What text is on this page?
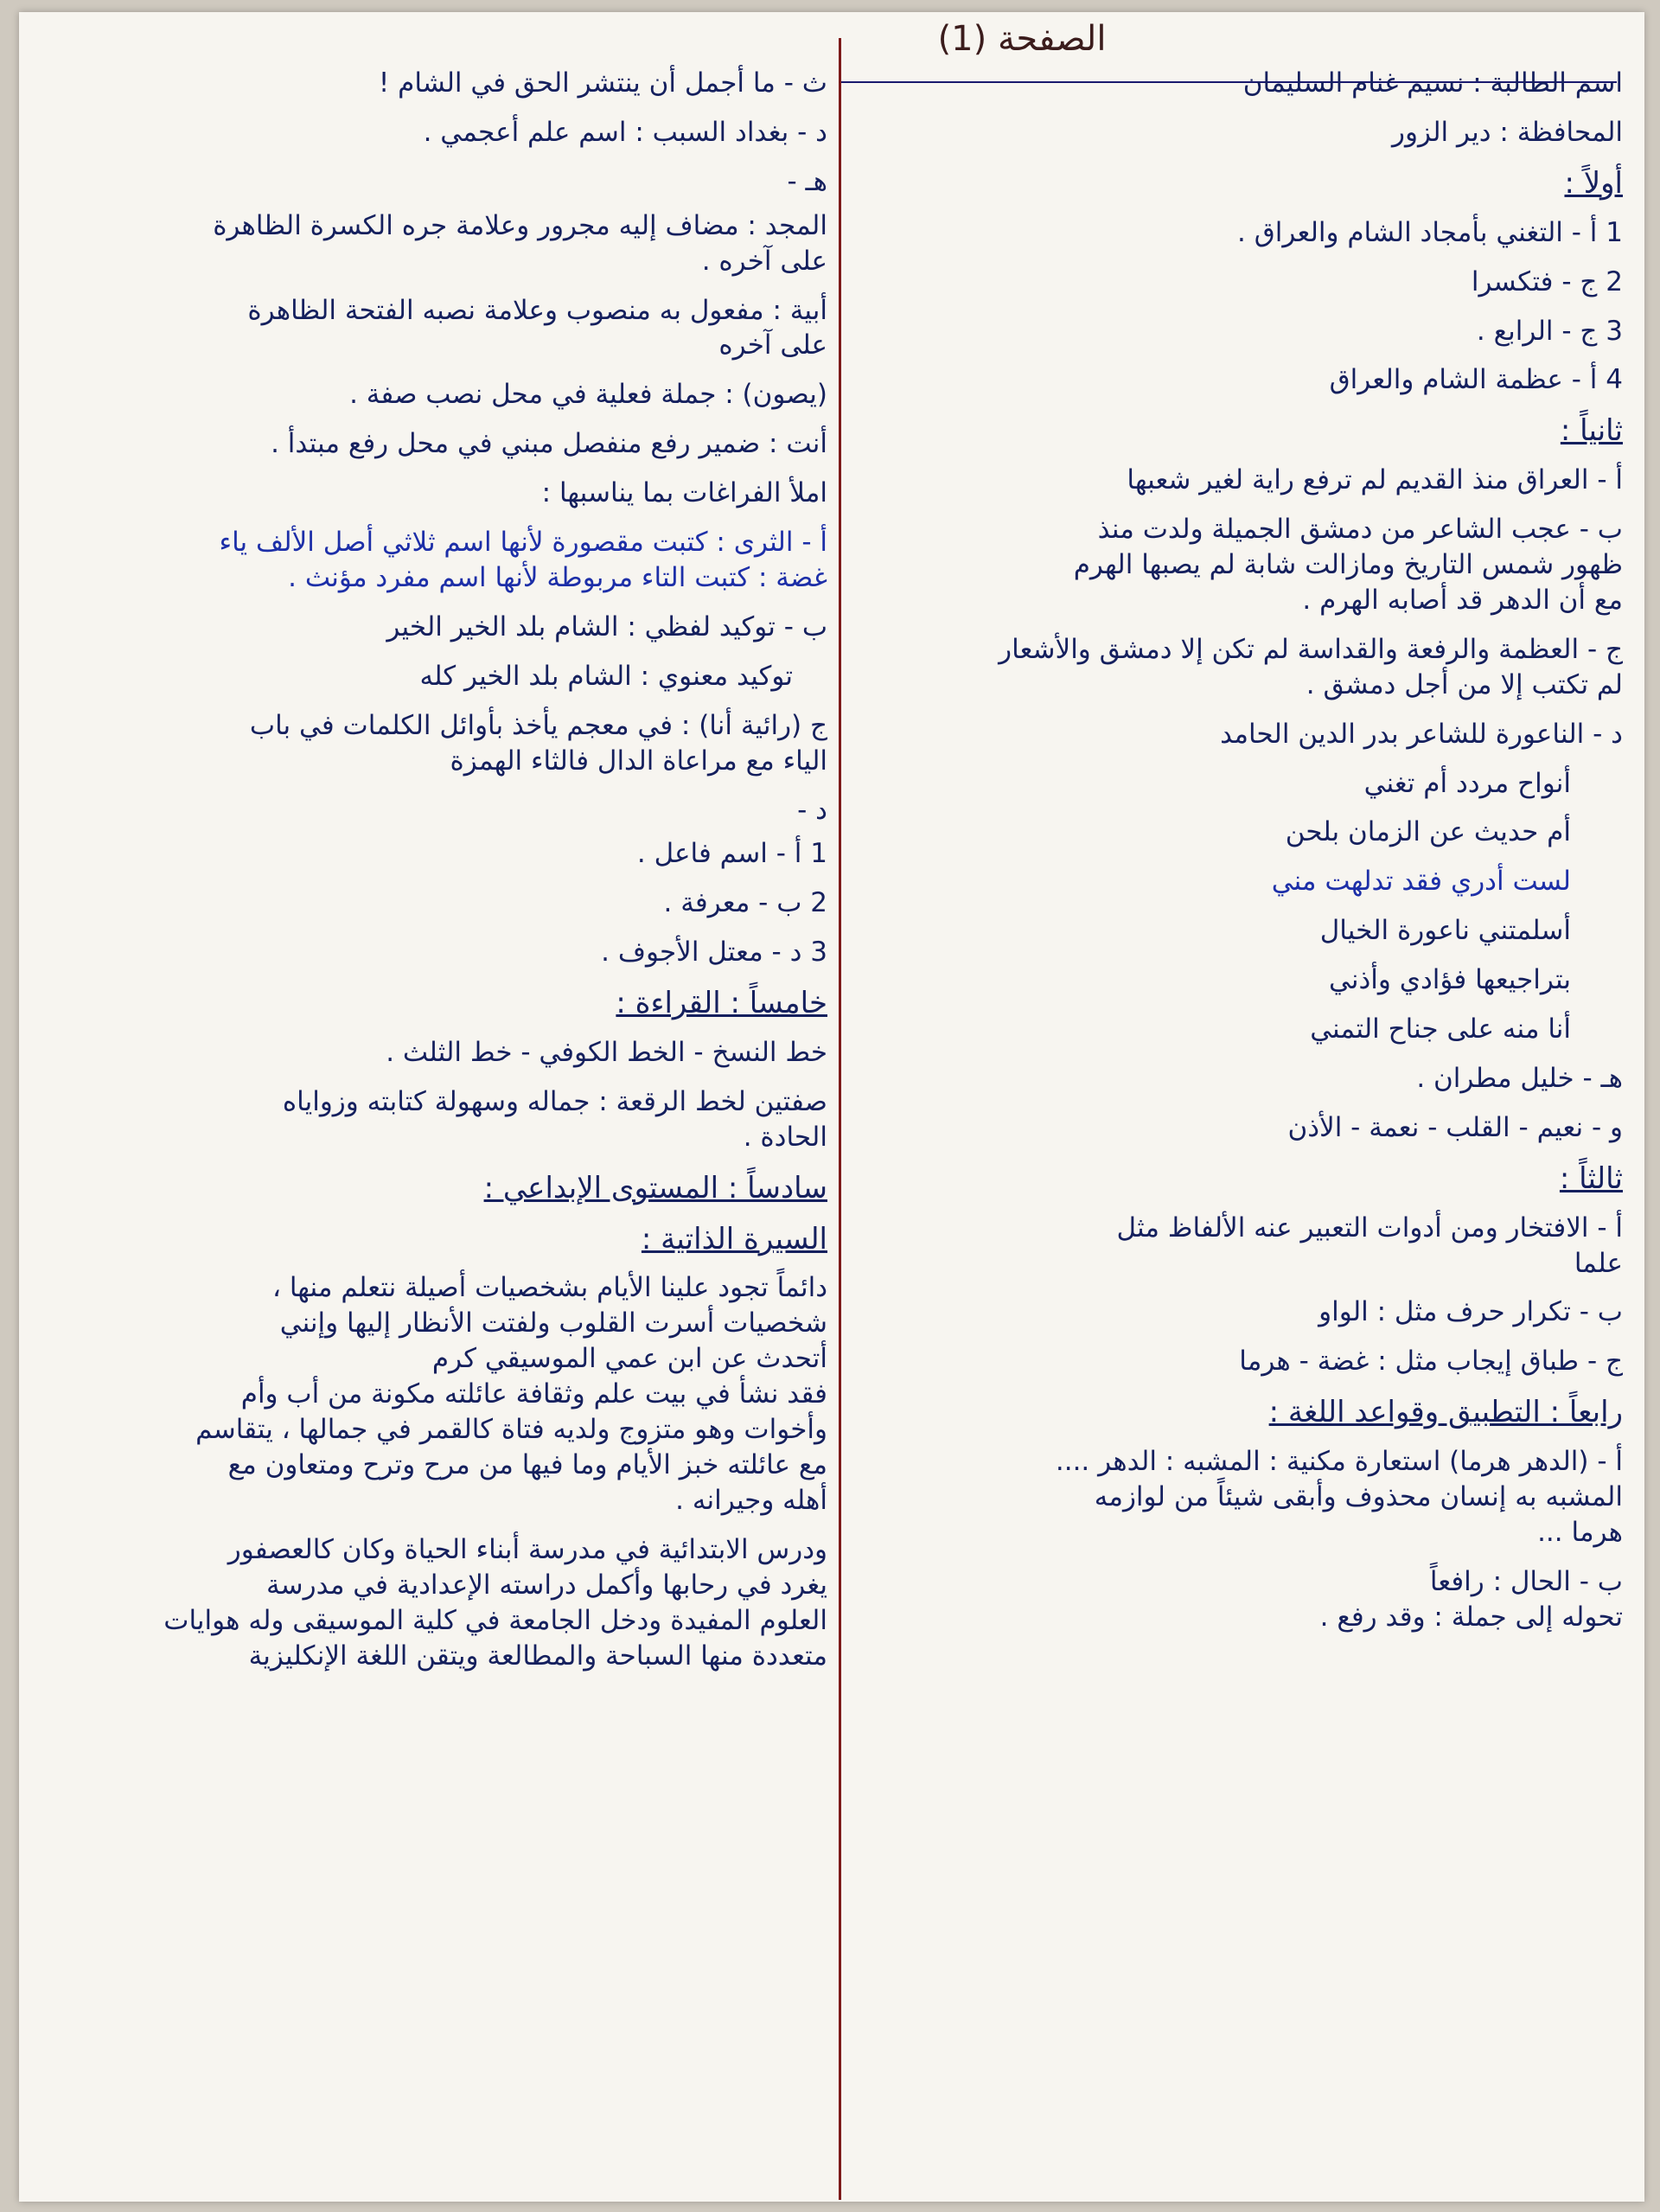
الصفحة (1)

اسم الطالبة : نسيم غنام السليمان

المحافظة : دير الزور

أولاً :

1 أ - التغني بأمجاد الشام والعراق .

2 ج - فتكسرا

3 ج - الرابع .

4 أ - عظمة الشام والعراق

ثانياً :

أ - العراق منذ القديم لم ترفع راية لغير شعبها

ب - عجب الشاعر من دمشق الجميلة ولدت منذ
ظهور شمس التاريخ ومازالت شابة لم يصبها الهرم
مع أن الدهر قد أصابه الهرم .

ج - العظمة والرفعة والقداسة لم تكن إلا دمشق والأشعار
لم تكتب إلا من أجل دمشق .

د - الناعورة للشاعر بدر الدين الحامد

أنواح مردد أم تغني

أم حديث عن الزمان بلحن

لست أدري فقد تدلهت مني

أسلمتني ناعورة الخيال

بتراجيعها فؤادي وأذني

أنا منه على جناح التمني

هـ - خليل مطران .

و - نعيم - القلب - نعمة - الأذن

ثالثاً :

أ - الافتخار ومن أدوات التعبير عنه الألفاظ مثل
علما

ب - تكرار حرف مثل : الواو

ج - طباق إيجاب مثل : غضة - هرما

رابعاً : التطبيق وقواعد اللغة :

أ - (الدهر هرما) استعارة مكنية : المشبه : الدهر ....
المشبه به إنسان محذوف وأبقى شيئاً من لوازمه
هرما ...

ب - الحال : رافعاً
تحوله إلى جملة : وقد رفع .

ث - ما أجمل أن ينتشر الحق في الشام !

د - بغداد السبب : اسم علم أعجمي .

هـ -

المجد : مضاف إليه مجرور وعلامة جره الكسرة الظاهرة
على آخره .

أبية : مفعول به منصوب وعلامة نصبه الفتحة الظاهرة
على آخره

(يصون) : جملة فعلية في محل نصب صفة .

أنت : ضمير رفع منفصل مبني في محل رفع مبتدأ .

املأ الفراغات بما يناسبها :

أ - الثرى : كتبت مقصورة لأنها اسم ثلاثي أصل الألف ياء
غضة : كتبت التاء مربوطة لأنها اسم مفرد مؤنث .

ب - توكيد لفظي : الشام بلد الخير الخير

توكيد معنوي : الشام بلد الخير كله

ج (رائية أنا) : في معجم يأخذ بأوائل الكلمات في باب
الياء مع مراعاة الدال فالثاء الهمزة

د -

1 أ - اسم فاعل .

2 ب - معرفة .

3 د - معتل الأجوف .

خامساً : القراءة :

خط النسخ - الخط الكوفي - خط الثلث .

صفتين لخط الرقعة : جماله وسهولة كتابته وزواياه
الحادة .

سادساً : المستوى الإبداعي :

السيرة الذاتية :

دائماً تجود علينا الأيام بشخصيات أصيلة نتعلم منها ،
شخصيات أسرت القلوب ولفتت الأنظار إليها وإنني
أتحدث عن ابن عمي الموسيقي كرم
فقد نشأ في بيت علم وثقافة عائلته مكونة من أب وأم
وأخوات وهو متزوج ولديه فتاة كالقمر في جمالها ، يتقاسم
مع عائلته خبز الأيام وما فيها من مرح وترح ومتعاون مع
أهله وجيرانه .

ودرس الابتدائية في مدرسة أبناء الحياة وكان كالعصفور
يغرد في رحابها وأكمل دراسته الإعدادية في مدرسة
العلوم المفيدة ودخل الجامعة في كلية الموسيقى وله هوايات
متعددة منها السباحة والمطالعة ويتقن اللغة الإنكليزية
